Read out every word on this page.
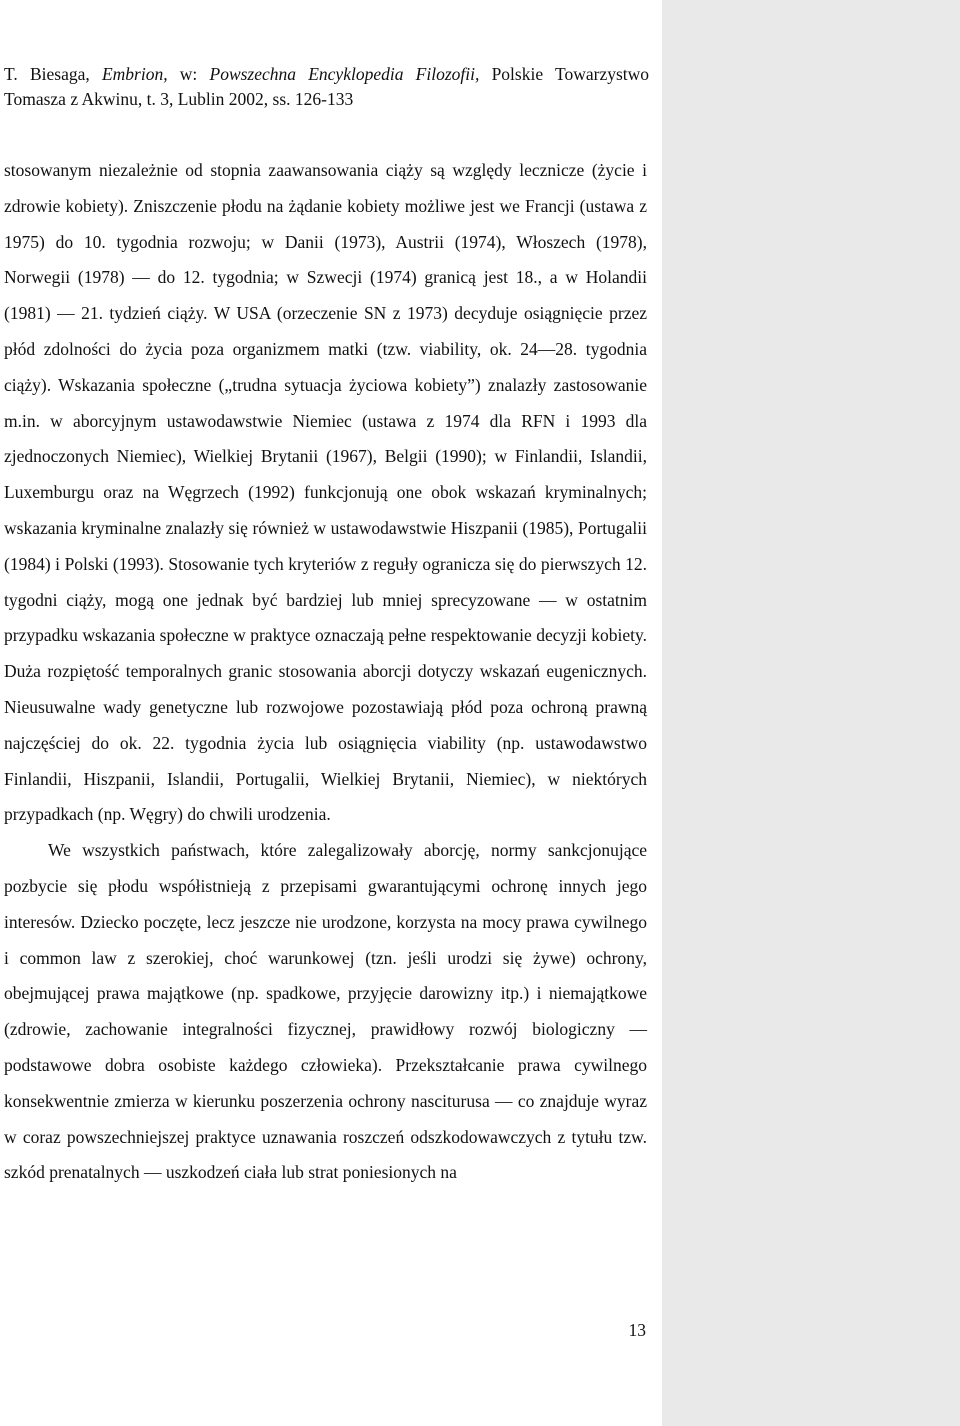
T. Biesaga, Embrion, w: Powszechna Encyklopedia Filozofii, Polskie Towarzystwo Tomasza z Akwinu, t. 3, Lublin 2002, ss. 126-133

stosowanym niezależnie od stopnia zaawansowania ciąży są względy lecznicze (życie i zdrowie kobiety). Zniszczenie płodu na żądanie kobiety możliwe jest we Francji (ustawa z 1975) do 10. tygodnia rozwoju; w Danii (1973), Austrii (1974), Włoszech (1978), Norwegii (1978) — do 12. tygodnia; w Szwecji (1974) granicą jest 18., a w Holandii (1981) — 21. tydzień ciąży. W USA (orzeczenie SN z 1973) decyduje osiągnięcie przez płód zdolności do życia poza organizmem matki (tzw. viability, ok. 24—28. tygodnia ciąży). Wskazania społeczne („trudna sytuacja życiowa kobiety”) znalazły zastosowanie m.in. w aborcyjnym ustawodawstwie Niemiec (ustawa z 1974 dla RFN i 1993 dla zjednoczonych Niemiec), Wielkiej Brytanii (1967), Belgii (1990); w Finlandii, Islandii, Luxemburgu oraz na Węgrzech (1992) funkcjonują one obok wskazań kryminalnych; wskazania kryminalne znalazły się również w ustawodawstwie Hiszpanii (1985), Portugalii (1984) i Polski (1993). Stosowanie tych kryteriów z reguły ogranicza się do pierwszych 12. tygodni ciąży, mogą one jednak być bardziej lub mniej sprecyzowane — w ostatnim przypadku wskazania społeczne w praktyce oznaczają pełne respektowanie decyzji kobiety. Duża rozpiętość temporalnych granic stosowania aborcji dotyczy wskazań eugenicznych. Nieusuwalne wady genetyczne lub rozwojowe pozostawiają płód poza ochroną prawną najczęściej do ok. 22. tygodnia życia lub osiągnięcia viability (np. ustawodawstwo Finlandii, Hiszpanii, Islandii, Portugalii, Wielkiej Brytanii, Niemiec), w niektórych przypadkach (np. Węgry) do chwili urodzenia.

We wszystkich państwach, które zalegalizowały aborcję, normy sankcjonujące pozbycie się płodu współistnieją z przepisami gwarantującymi ochronę innych jego interesów. Dziecko poczęte, lecz jeszcze nie urodzone, korzysta na mocy prawa cywilnego i common law z szerokiej, choć warunkowej (tzn. jeśli urodzi się żywe) ochrony, obejmującej prawa majątkowe (np. spadkowe, przyjęcie darowizny itp.) i niemajątkowe (zdrowie, zachowanie integralności fizycznej, prawidłowy rozwój biologiczny — podstawowe dobra osobiste każdego człowieka). Przekształcanie prawa cywilnego konsekwentnie zmierza w kierunku poszerzenia ochrony nasciturusa — co znajduje wyraz w coraz powszechniejszej praktyce uznawania roszczeń odszkodowawczych z tytułu tzw. szkód prenatalnych — uszkodzeń ciała lub strat poniesionych na

13
